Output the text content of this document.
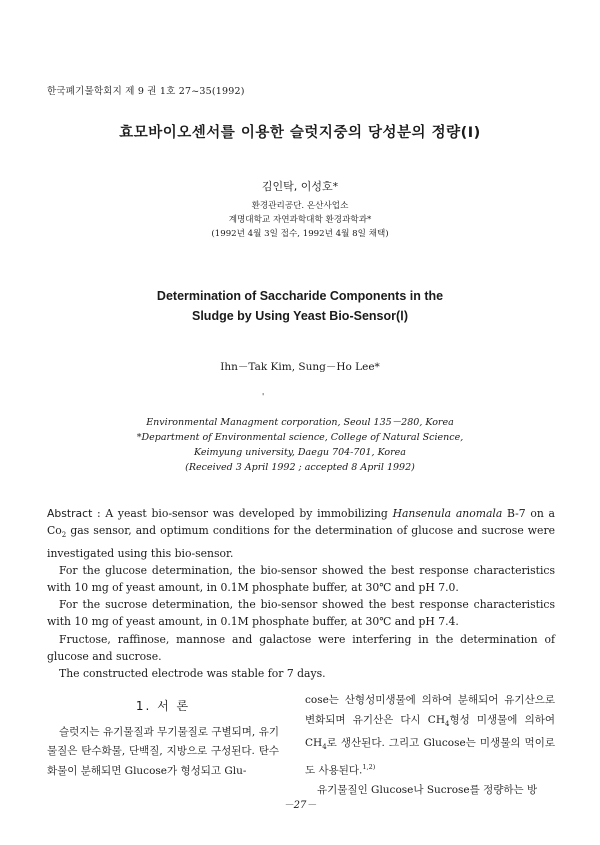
한국폐기물학회지 제 9 권 1호 27~35(1992)
효모바이오센서를 이용한 슬럿지중의 당성분의 정량(Ⅰ)
김인탁, 이성호*
환경관리공단. 온산사업소
계명대학교 자연과학대학 환경과학과*
(1992년 4월 3일 접수, 1992년 4월 8일 채택)
Determination of Saccharide Components in the
Sludge by Using Yeast Bio-Sensor(Ⅰ)
Ihn－Tak Kim, Sung－Ho Lee*
'
Environmental Managment corporation, Seoul 135－280, Korea
*Department of Environmental science, College of Natural Science,
Keimyung university, Daegu 704-701, Korea
(Received 3 April 1992 ; accepted 8 April 1992)

Abstract : A yeast bio-sensor was developed by immobilizing Hansenula anomala B-7 on a $Co_2$ gas sensor, and optimum conditions for the determination of glucose and sucrose were investigated using this bio-sensor.

For the glucose determination, the bio-sensor showed the best response characteristics with 10 mg of yeast amount, in 0.1M phosphate buffer, at 30℃ and pH 7.0.

For the sucrose determination, the bio-sensor showed the best response characteristics with 10 mg of yeast amount, in 0.1M phosphate buffer, at 30℃ and pH 7.4.

Fructose, raffinose, mannose and galactose were interfering in the determination of glucose and sucrose.

The constructed electrode was stable for 7 days.

1. 서 론

슬럿지는 유기물질과 무기물질로 구별되며, 유기물질은 탄수화물, 단백질, 지방으로 구성된다. 탄수화물이 분해되면 Glucose가 형성되고 Glu-

cose는 산형성미생물에 의하여 분해되어 유기산으로 변화되며 유기산은 다시 $CH_4$형성 미생물에 의하여 $CH_4$로 생산된다. 그리고 Glucose는 미생물의 먹이로도 사용된다.$^{1,2)}$

유기물질인 Glucose나 Sucrose를 정량하는 방

－27－
